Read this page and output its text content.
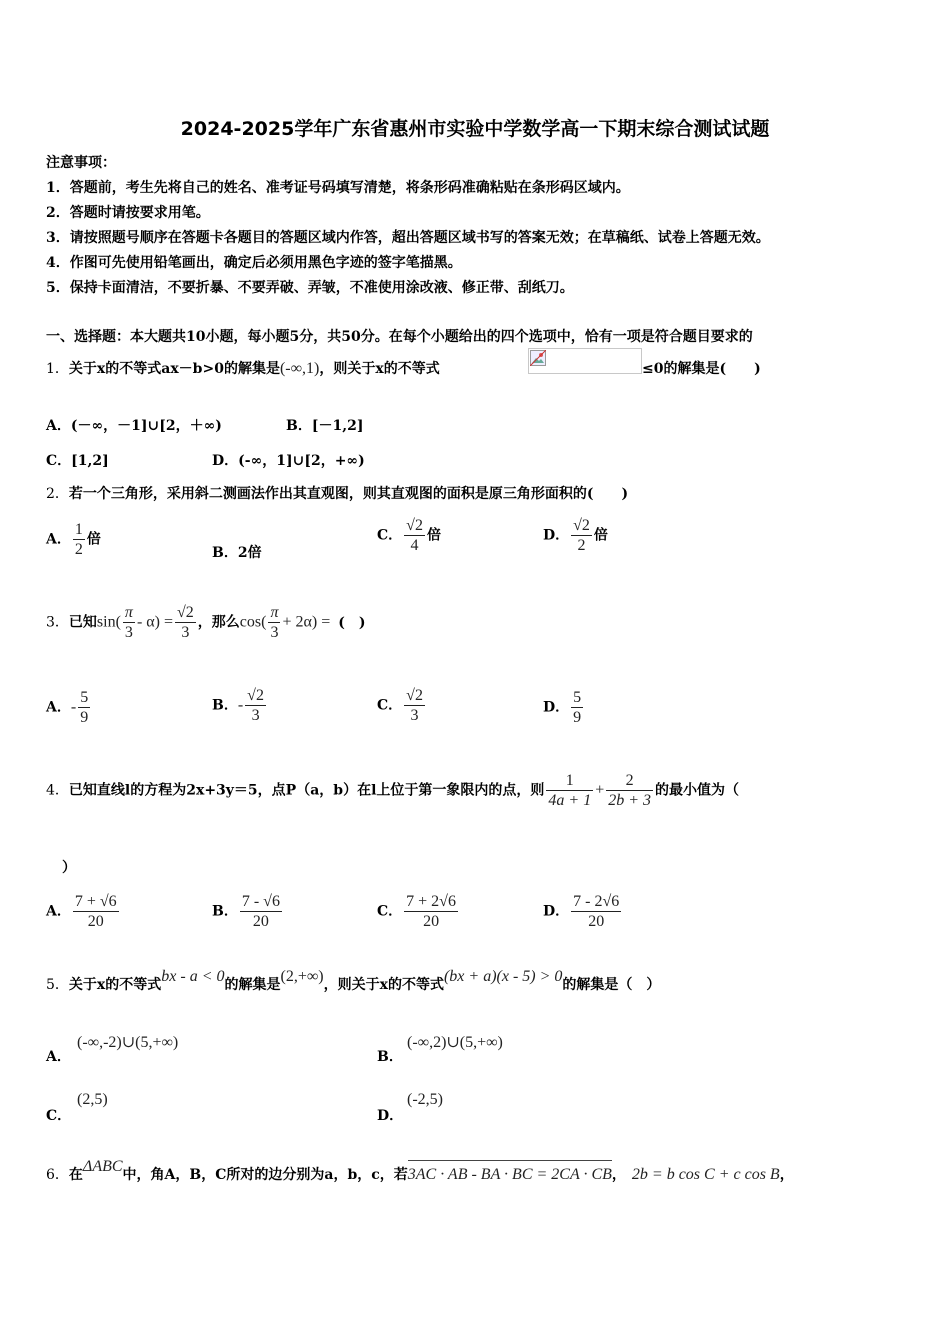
2024-2025学年广东省惠州市实验中学数学高一下期末综合测试试题
注意事项：
1．答题前，考生先将自己的姓名、准考证号码填写清楚，将条形码准确粘贴在条形码区域内。
2．答题时请按要求用笔。
3．请按照题号顺序在答题卡各题目的答题区域内作答，超出答题区域书写的答案无效；在草稿纸、试卷上答题无效。
4．作图可先使用铅笔画出，确定后必须用黑色字迹的签字笔描黑。
5．保持卡面清洁，不要折暴、不要弄破、弄皱，不准使用涂改液、修正带、刮纸刀。
一、选择题：本大题共10小题，每小题5分，共50分。在每个小题给出的四个选项中，恰有一项是符合题目要求的
1．关于x的不等式ax－b>0的解集是(-∞,1)，则关于x的不等式	≤0的解集是(　　)
A．(－∞，－1]∪[2，＋∞)	B．[－1,2]
C．[1,2]	D．(-∞，1]∪[2，+∞)
2．若一个三角形，采用斜二测画法作出其直观图，则其直观图的面积是原三角形面积的(　　)
A． $\frac{1}{2}$ 倍
B．2倍
C． $\frac{√2}{4}$ 倍	D． $\frac{√2}{2}$ 倍
3．已知$\sin( \frac{\pi}{3} - \alpha) = \frac{√2}{3}$ ，那么$\cos( \frac{\pi}{3} + 2\alpha)$ = (　)
A．- $\frac{5}{9}$	B．- $\frac{√2}{3}$	C． $\frac{√2}{3}$	D． $\frac{5}{9}$
4．已知直线l的方程为2x+3y＝5，点P（a，b）在l上位于第一象限内的点，则 $\frac{1}{4a + 1} + \frac{2}{2b + 3}$ 的最小值为（
）
A． $\frac{7 + √6}{20}$	B． $\frac{7 - √6}{20}$	C． $\frac{7 + 2√6}{20}$	D． $\frac{7 - 2√6}{20}$
5．关于x的不等式bx - a < 0的解集是(2,+∞)，则关于x的不等式(bx + a)(x - 5) > 0的解集是（　）
A．
(-∞,-2)∪(5,+∞)
B．
(-∞,2)∪(5,+∞)
C．
(2,5)
D．
(-2,5)
6．在ΔABC中，角A，B，C所对的边分别为a，b，c，若3AC · AB - BA · BC = 2CA · CB， 2b = b cos C + c cos B，
